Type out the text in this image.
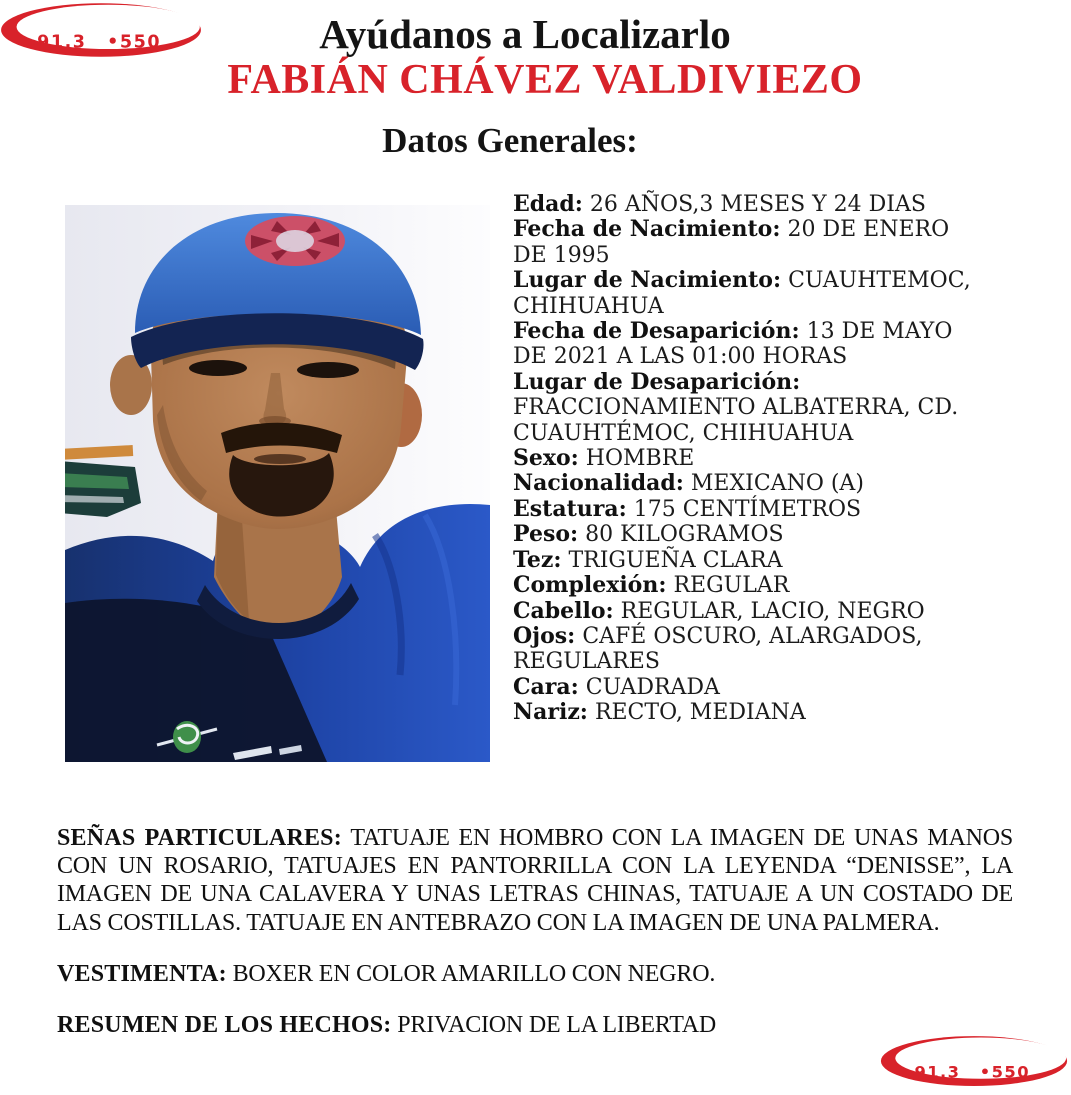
91.3 •550	Ayúdanos a Localizarlo
FABIÁN CHÁVEZ VALDIVIEZO
Datos Generales:

Edad: 26 AÑOS,3 MESES Y 24 DIAS

Fecha de Nacimiento: 20 DE ENERO DE 1995

Lugar de Nacimiento: CUAUHTEMOC, CHIHUAHUA

Fecha de Desaparición: 13 DE MAYO DE 2021 A LAS 01:00 HORAS

Lugar de Desaparición: FRACCIONAMIENTO ALBATERRA, CD. CUAUHTÉMOC, CHIHUAHUA

Sexo: HOMBRE

Nacionalidad: MEXICANO (A)

Estatura: 175 CENTÍMETROS

Peso: 80 KILOGRAMOS

Tez: TRIGUEÑA CLARA

Complexión: REGULAR

Cabello: REGULAR, LACIO, NEGRO

Ojos: CAFÉ OSCURO, ALARGADOS, REGULARES

Cara: CUADRADA

Nariz: RECTO, MEDIANA

SEÑAS PARTICULARES: TATUAJE EN HOMBRO CON LA IMAGEN DE UNAS MANOS CON UN ROSARIO, TATUAJES EN PANTORRILLA CON LA LEYENDA “DENISSE”, LA IMAGEN DE UNA CALAVERA Y UNAS LETRAS CHINAS, TATUAJE A UN COSTADO DE LAS COSTILLAS. TATUAJE EN ANTEBRAZO CON LA IMAGEN DE UNA PALMERA.

VESTIMENTA: BOXER EN COLOR AMARILLO CON NEGRO.

RESUMEN DE LOS HECHOS: PRIVACION DE LA LIBERTAD

91.3 •550
